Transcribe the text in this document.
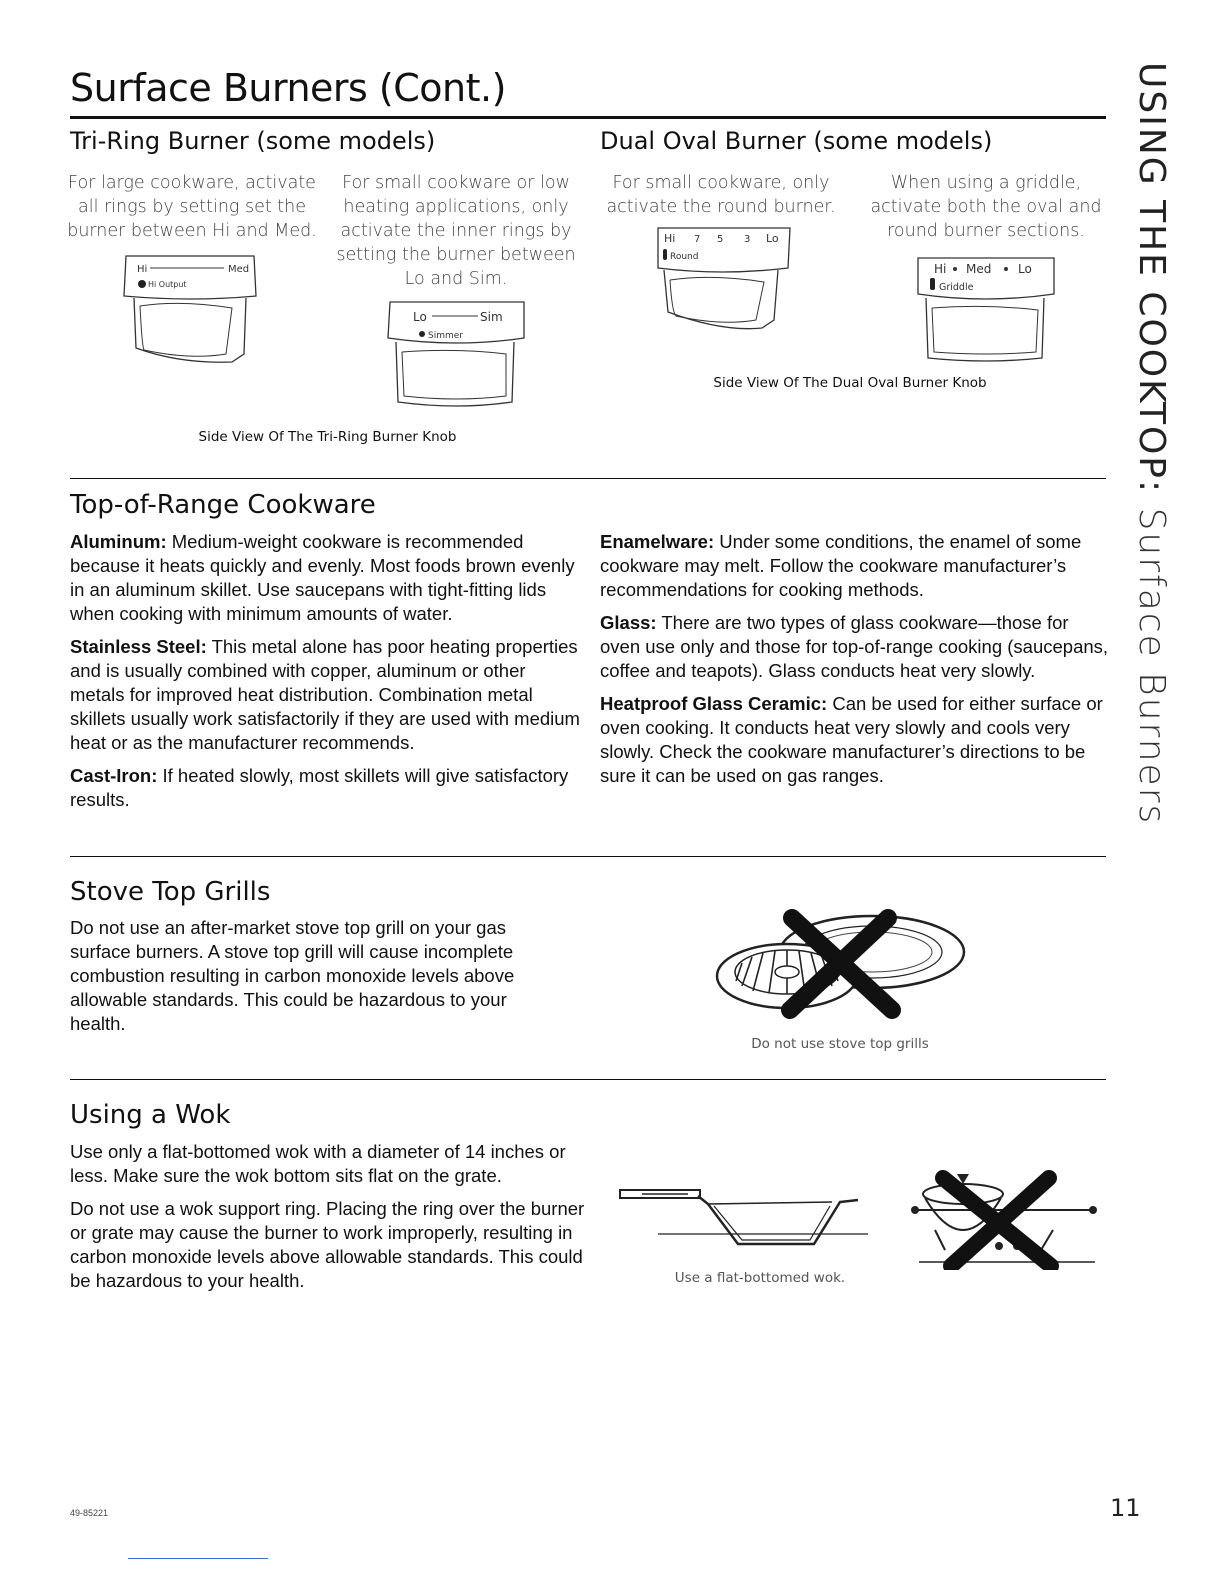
Surface Burners (Cont.)	USING THE COOKTOP: Surface Burners
Tri-Ring Burner (some models)
For large cookware, activate all rings by setting set the burner between Hi and Med.
For small cookware or low heating applications, only activate the inner rings by setting the burner between Lo and Sim.
Hi	Med
Hi Output
Lo	Sim
Simmer
Side View Of The Tri-Ring Burner Knob
Dual Oval Burner (some models)
For small cookware, only activate the round burner.
When using a griddle, activate both the oval and round burner sections.
Hi 7 5 3 Lo
Round
Hi Med Lo
Griddle
Side View Of The Dual Oval Burner Knob
Top-of-Range Cookware

Aluminum: Medium-weight cookware is recommended because it heats quickly and evenly. Most foods brown evenly in an aluminum skillet. Use saucepans with tight-fitting lids when cooking with minimum amounts of water.

Stainless Steel: This metal alone has poor heating properties and is usually combined with copper, aluminum or other metals for improved heat distribution. Combination metal skillets usually work satisfactorily if they are used with medium heat or as the manufacturer recommends.

Cast-Iron: If heated slowly, most skillets will give satisfactory results.

Enamelware: Under some conditions, the enamel of some cookware may melt. Follow the cookware manufacturer’s recommendations for cooking methods.

Glass: There are two types of glass cookware—those for oven use only and those for top-of-range cooking (saucepans, coffee and teapots). Glass conducts heat very slowly.

Heatproof Glass Ceramic: Can be used for either surface or oven cooking. It conducts heat very slowly and cools very slowly. Check the cookware manufacturer’s directions to be sure it can be used on gas ranges.

Stove Top Grills
Do not use an after-market stove top grill on your gas surface burners. A stove top grill will cause incomplete combustion resulting in carbon monoxide levels above allowable standards. This could be hazardous to your health.
Do not use stove top grills
Using a Wok

Use only a flat-bottomed wok with a diameter of 14 inches or less. Make sure the wok bottom sits flat on the grate.

Do not use a wok support ring. Placing the ring over the burner or grate may cause the burner to work improperly, resulting in carbon monoxide levels above allowable standards. This could be hazardous to your health.	Use a flat-bottomed wok.
49-85221	11
